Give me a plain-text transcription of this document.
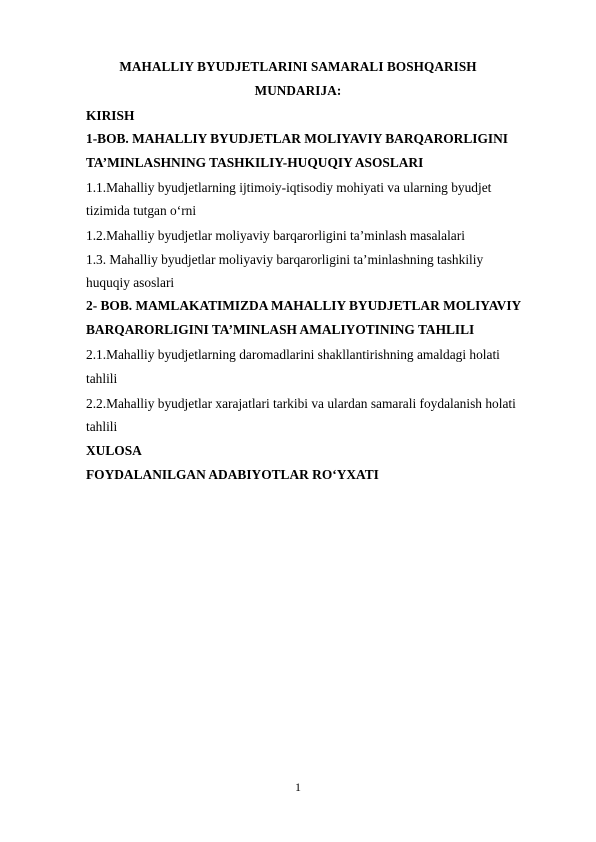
MAHALLIY BYUDJETLARINI SAMARALI BOSHQARISH
MUNDARIJA:
KIRISH
1-BOB. MAHALLIY BYUDJETLAR MOLIYAVIY BARQARORLIGINI
TA’MINLASHNING TASHKILIY-HUQUQIY ASOSLARI
1.1.Mahalliy byudjetlarning ijtimoiy-iqtisodiy mohiyati va ularning byudjet
tizimida tutgan o‘rni
1.2.Mahalliy byudjetlar moliyaviy barqarorligini ta’minlash masalalari
1.3. Mahalliy byudjetlar moliyaviy barqarorligini ta’minlashning tashkiliy
huquqiy asoslari
2- BOB. MAMLAKATIMIZDA MAHALLIY BYUDJETLAR MOLIYAVIY
BARQARORLIGINI TA’MINLASH AMALIYOTINING TAHLILI
2.1.Mahalliy byudjetlarning daromadlarini shakllantirishning amaldagi holati
tahlili
2.2.Mahalliy byudjetlar xarajatlari tarkibi va ulardan samarali foydalanish holati
tahlili
XULOSA
FOYDALANILGAN ADABIYOTLAR RO‘YXATI
1
